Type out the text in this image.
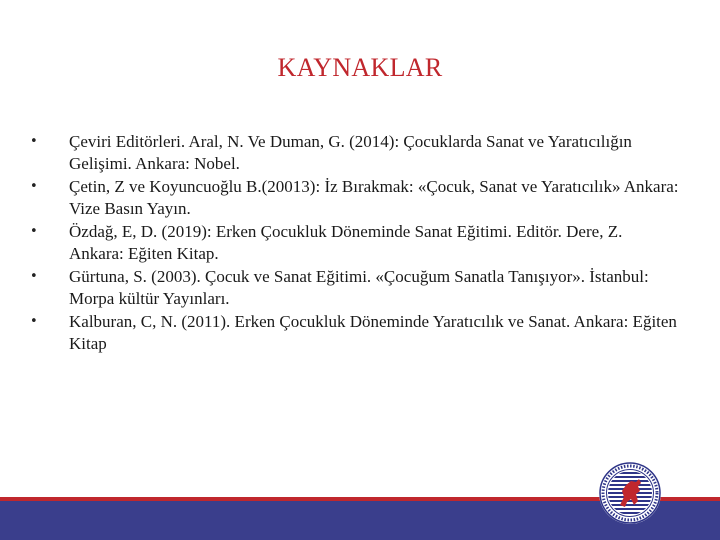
KAYNAKLAR
• Çeviri Editörleri. Aral, N. Ve Duman, G. (2014): Çocuklarda Sanat ve Yaratıcılığın Gelişimi. Ankara: Nobel.
• Çetin, Z ve Koyuncuoğlu B.(20013): İz Bırakmak: «Çocuk, Sanat ve Yaratıcılık» Ankara: Vize Basın Yayın.
• Özdağ, E, D. (2019): Erken Çocukluk Döneminde Sanat Eğitimi. Editör. Dere, Z. Ankara: Eğiten Kitap.
• Gürtuna, S. (2003). Çocuk ve Sanat Eğitimi. «Çocuğum Sanatla Tanışıyor». İstanbul: Morpa kültür Yayınları.
• Kalburan, C, N. (2011). Erken Çocukluk Döneminde Yaratıcılık ve Sanat. Ankara: Eğiten Kitap
